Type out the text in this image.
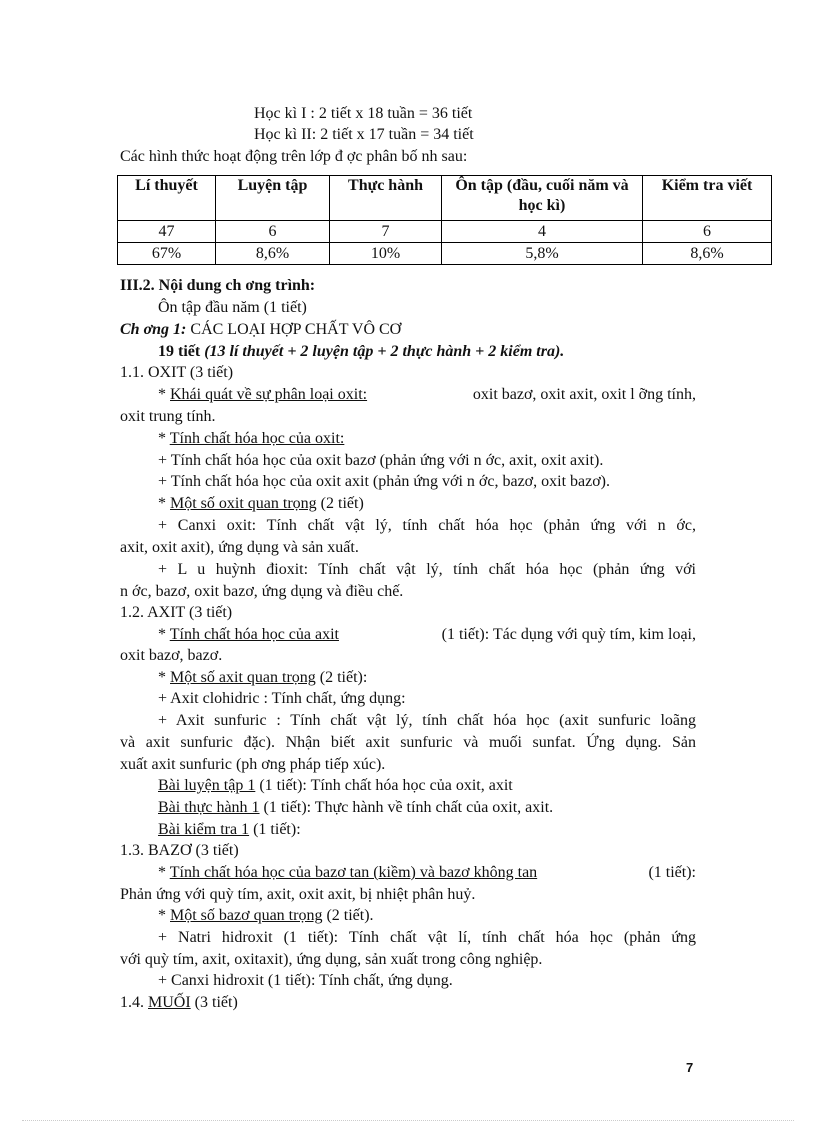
Học kì I : 2 tiết x 18 tuần = 36 tiết
Học kì II: 2 tiết x 17 tuần = 34 tiết
Các hình thức hoạt động trên lớp đ ợc phân bố nh sau:
Lí thuyết	Luyện tập	Thực hành	Ôn tập (đầu, cuối năm và học kì)	Kiểm tra viết
47	6	7	4	6
67%	8,6%	10%	5,8%	8,6%
III.2. Nội dung ch ơng trình:
Ôn tập đầu năm (1 tiết)
Ch ơng 1: CÁC LOẠI HỢP CHẤT VÔ CƠ
19 tiết (13 lí thuyết + 2 luyện tập + 2 thực hành + 2 kiểm tra).
1.1. OXIT (3 tiết)
* Khái quát về sự phân loại oxit:	oxit bazơ, oxit axit, oxit l ỡng tính,
oxit trung tính.
* Tính chất hóa học của oxit:
+ Tính chất hóa học của oxit bazơ (phản ứng với n ớc, axit, oxit axit).
+ Tính chất hóa học của oxit axit (phản ứng với n ớc, bazơ, oxit bazơ).
* Một số oxit quan trọng (2 tiết)
+ Canxi oxit: Tính chất vật lý, tính chất hóa học (phản ứng với n ớc,
axit, oxit axit), ứng dụng và sản xuất.
+ L u huỳnh đioxit: Tính chất vật lý, tính chất hóa học (phản ứng với
n ớc, bazơ, oxit bazơ, ứng dụng và điều chế.
1.2. AXIT (3 tiết)
* Tính chất hóa học của axit	(1 tiết): Tác dụng với quỳ tím, kim loại,
oxit bazơ, bazơ.
* Một số axit quan trọng (2 tiết):
+ Axit clohidric : Tính chất, ứng dụng:
+ Axit sunfuric : Tính chất vật lý, tính chất hóa học (axit sunfuric loãng
và axit sunfuric đặc). Nhận biết axit sunfuric và muối sunfat. Ứng dụng. Sản
xuất axit sunfuric (ph ơng pháp tiếp xúc).
Bài luyện tập 1 (1 tiết): Tính chất hóa học của oxit, axit
Bài thực hành 1 (1 tiết): Thực hành về tính chất của oxit, axit.
Bài kiểm tra 1 (1 tiết):
1.3. BAZƠ (3 tiết)
* Tính chất hóa học của bazơ tan (kiềm) và bazơ không tan	(1 tiết):
Phản ứng với quỳ tím, axit, oxit axit, bị nhiệt phân huỷ.
* Một số bazơ quan trọng (2 tiết).
+ Natri hidroxit (1 tiết): Tính chất vật lí, tính chất hóa học (phản ứng
với quỳ tím, axit, oxitaxit), ứng dụng, sản xuất trong công nghiệp.
+ Canxi hidroxit (1 tiết): Tính chất, ứng dụng.
1.4. MUỐI (3 tiết)
7
